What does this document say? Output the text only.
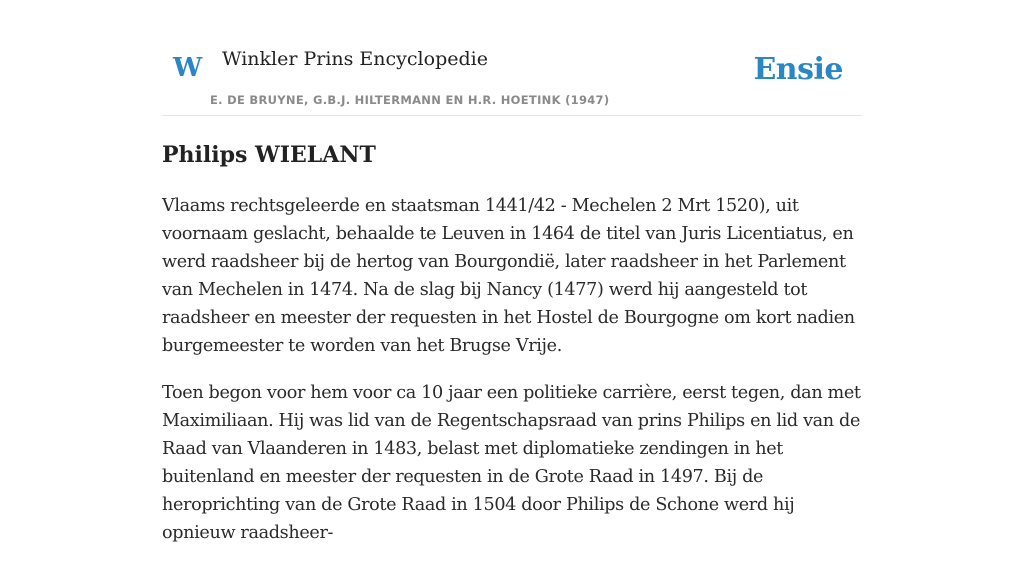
W Winkler Prins Encyclopedie	Ensie
E. DE BRUYNE, G.B.J. HILTERMANN EN H.R. HOETINK (1947)
Philips WIELANT

Vlaams rechtsgeleerde en staatsman 1441/42 - Mechelen 2 Mrt 1520), uit voornaam geslacht, behaalde te Leuven in 1464 de titel van Juris Licentiatus, en werd raadsheer bij de hertog van Bourgondië, later raadsheer in het Parlement van Mechelen in 1474. Na de slag bij Nancy (1477) werd hij aangesteld tot raadsheer en meester der requesten in het Hostel de Bourgogne om kort nadien burgemeester te worden van het Brugse Vrije.

Toen begon voor hem voor ca 10 jaar een politieke carrière, eerst tegen, dan met Maximiliaan. Hij was lid van de Regentschapsraad van prins Philips en lid van de Raad van Vlaanderen in 1483, belast met diplomatieke zendingen in het buitenland en meester der requesten in de Grote Raad in 1497. Bij de heroprichting van de Grote Raad in 1504 door Philips de Schone werd hij opnieuw raadsheer-
